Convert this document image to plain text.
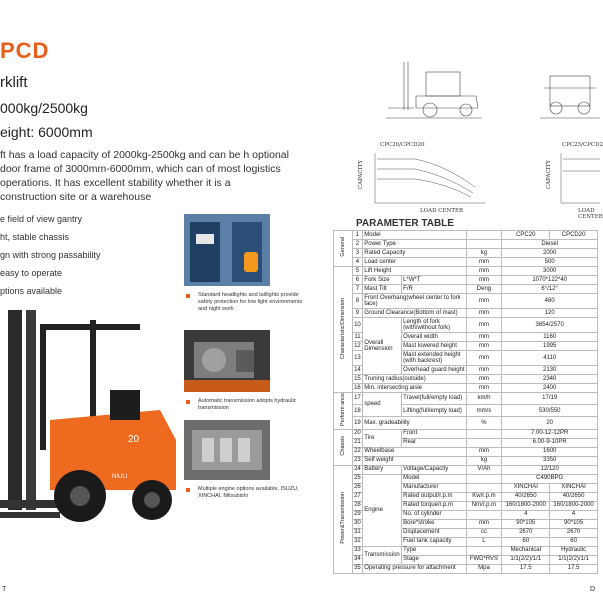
PCD
rklift
000kg/2500kg
eight: 6000mm
ft has a load capacity of 2000kg-2500kg and can be h optional door frame of 3000mm-6000mm, which can of most logistics operations. It has excellent stability whether it is a construction site or a warehouse
e field of view gantry
ht, stable chassis
gn with strong passability
easy to operate
ptions available	Standard headlights and taillights provide safety protection for low light environments and night work
Automatic transmission adopts hydraulic transmission
Multiple engine options available, ISUZU, XINCHAI, Mitsubishi
20
NIULI
CPC20/CPCD20
CAPACITY
LOAD CENTER
CPC25/CPCD2
CAPACITY
LOAD CENTER
PARAMETER TABLE
General	1	Model			CPC20	CPCD20
	2	Power Type			Diesel	
	3	Rated Capacity		kg	2000	
	4	Load center		mm	500	
Characteristic/Dimension	5	Lift Height		mm	3000	
	6	Fork Size	L*W*T	mm	1070*122*40	
	7	Mast Tilt	F/R	Deng	6°/12°	
	8	Front Overhang(wheel center to fork face)		mm	480	
	9	Ground Clearance(Bottom of mast)		mm	120	
	10	Overall Dimension	Length of fork (with/without fork)	mm	3654/2570	
	11		Overall width	mm	1160	
	12		Mast lowered height	mm	1995	
	13		Mast extended height (with backrest)	mm	4110	
	14		Overhead guard height	mm	2130	
	15	Truning radius(outside)		mm	2340	
	16	Min. intersecting aisle		mm	2400	
Perform ance	17	speed	Travel(full/empty load)	km/h	17/19	
	18		Lifting(full/empty load)	mm/s	530/550	
	19	Max. gradeability		%	20	
Chassis	20	Tire	Front		7.00-12-12PR	
	21		Rear		6.00-9-10PR	
	22	Wheelbase		mm	1600	
	23	Self weight		kg	3350	
Power&Transmission	24	Battery	Voltage/Capacity	V/Ah	12/120	
	25	Engine	Model		C490BPG	
	26		Manufacturer		XINCHAI	XINCHAI
	27		Rated output/r.p.m	Kw/r.p.m	40/2650	40/2650
	28		Rated torque/r.p.m	Nm/r.p.m	160/1800-2000	160/1800-2000
	29		No. of cylinder		4	4
	30		Bore*stroke	mm	90*105	90*105
	31		Displacement	cc	2670	2670
	32		Fuel tank capacity	L	60	60
	33	Transmission	Type		Mechanical	Hydraulic
	34		Stage	FWD*RVS	1/1(2/2)/1/1	1/1(2/2)/1/1
	35	Operating pressure for attachment		Mpa	17.5	17.5
T	D
